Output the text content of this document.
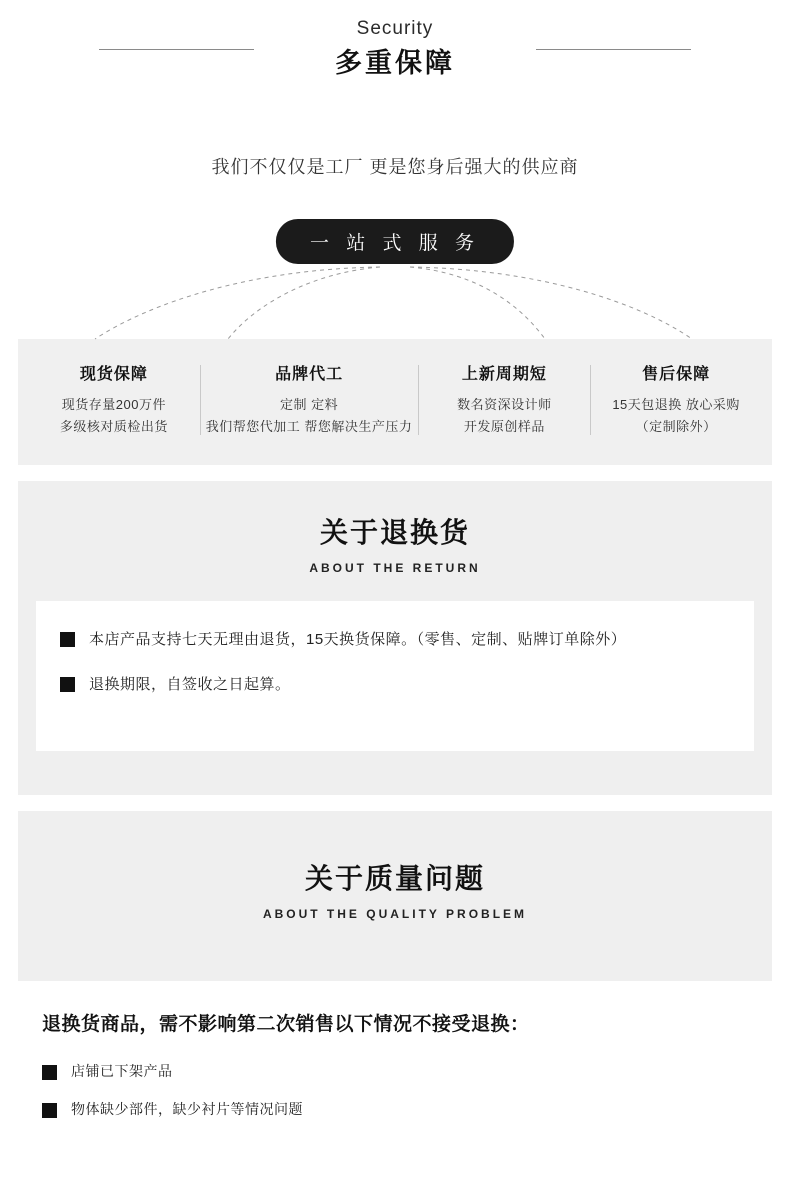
Security
多重保障
我们不仅仅是工厂 更是您身后强大的供应商
一 站 式 服 务
现货保障
现货存量200万件
多级核对质检出货
品牌代工
定制 定料
我们帮您代加工 帮您解决生产压力
上新周期短
数名资深设计师
开发原创样品
售后保障
15天包退换 放心采购
（定制除外）
关于退换货
ABOUT THE RETURN
本店产品支持七天无理由退货，15天换货保障。（零售、定制、贴牌订单除外）
退换期限，自签收之日起算。
关于质量问题
ABOUT THE QUALITY PROBLEM
退换货商品，需不影响第二次销售以下情况不接受退换：
店铺已下架产品
物体缺少部件，缺少衬片等情况问题
